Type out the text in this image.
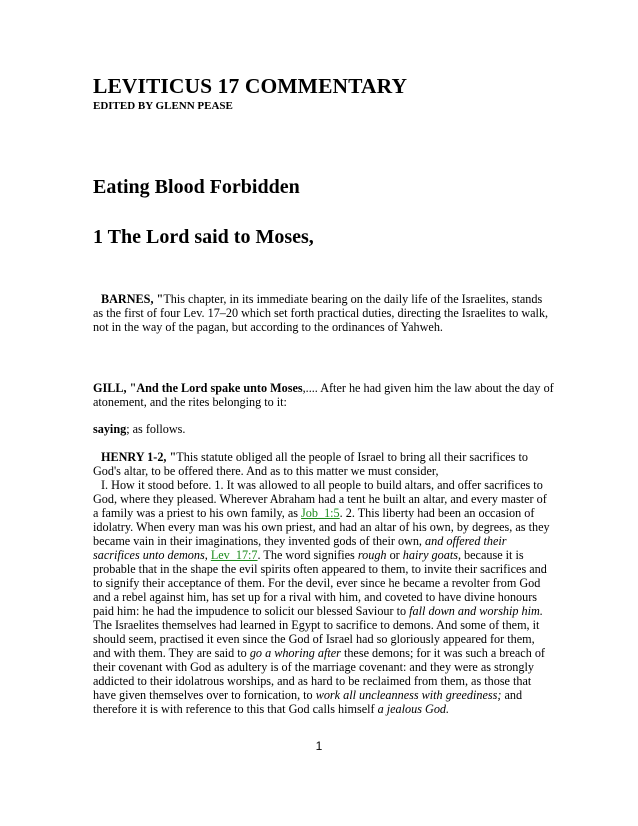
LEVITICUS 17 COMMENTARY
EDITED BY GLENN PEASE
Eating Blood Forbidden
1 The Lord said to Moses,

BARNES, "This chapter, in its immediate bearing on the daily life of the Israelites, stands as the first of four Lev. 17–20 which set forth practical duties, directing the Israelites to walk, not in the way of the pagan, but according to the ordinances of Yahweh.

GILL, "And the Lord spake unto Moses,.... After he had given him the law about the day of atonement, and the rites belonging to it:

saying; as follows.

HENRY 1-2, "This statute obliged all the people of Israel to bring all their sacrifices to God's altar, to be offered there. And as to this matter we must consider,

I. How it stood before. 1. It was allowed to all people to build altars, and offer sacrifices to God, where they pleased. Wherever Abraham had a tent he built an altar, and every master of a family was a priest to his own family, as Job_1:5. 2. This liberty had been an occasion of idolatry. When every man was his own priest, and had an altar of his own, by degrees, as they became vain in their imaginations, they invented gods of their own, and offered their sacrifices unto demons, Lev_17:7. The word signifies rough or hairy goats, because it is probable that in the shape the evil spirits often appeared to them, to invite their sacrifices and to signify their acceptance of them. For the devil, ever since he became a revolter from God and a rebel against him, has set up for a rival with him, and coveted to have divine honours paid him: he had the impudence to solicit our blessed Saviour to fall down and worship him. The Israelites themselves had learned in Egypt to sacrifice to demons. And some of them, it should seem, practised it even since the God of Israel had so gloriously appeared for them, and with them. They are said to go a whoring after these demons; for it was such a breach of their covenant with God as adultery is of the marriage covenant: and they were as strongly addicted to their idolatrous worships, and as hard to be reclaimed from them, as those that have given themselves over to fornication, to work all uncleanness with greediness; and therefore it is with reference to this that God calls himself a jealous God.

1
